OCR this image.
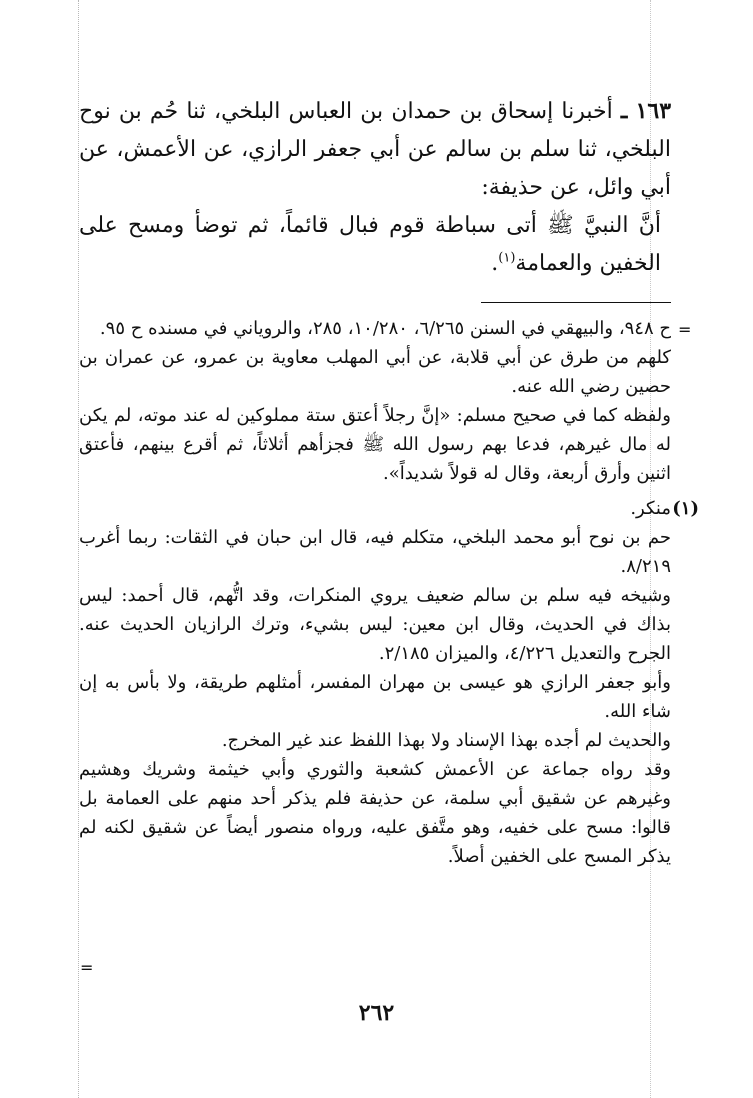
١٦٣ ـ أخبرنا إسحاق بن حمدان بن العباس البلخي، ثنا حُم بن نوح البلخي، ثنا سلم بن سالم عن أبي جعفر الرازي، عن الأعمش، عن أبي وائل، عن حذيفة:

أنَّ النبيَّ ﷺ أتى سباطة قوم فبال قائماً، ثم توضأ ومسح على الخفين والعمامة$^{(١)}$.

=
=

ح ٩٤٨، والبيهقي في السنن ٦/٢٦٥، ١٠/٢٨٠، ٢٨٥، والروياني في مسنده ح ٩٥.

كلهم من طرق عن أبي قلابة، عن أبي المهلب معاوية بن عمرو، عن عمران بن حصين رضي الله عنه.

ولفظه كما في صحيح مسلم: «إنَّ رجلاً أعتق ستة مملوكين له عند موته، لم يكن له مال غيرهم، فدعا بهم رسول الله ﷺ فجزأهم أثلاثاً، ثم أقرع بينهم، فأعتق اثنين وأرق أربعة، وقال له قولاً شديداً».

(١)
منكر.

حم بن نوح أبو محمد البلخي، متكلم فيه، قال ابن حبان في الثقات: ربما أغرب ٨/٢١٩.

وشيخه فيه سلم بن سالم ضعيف يروي المنكرات، وقد اتُّهم، قال أحمد: ليس بذاك في الحديث، وقال ابن معين: ليس بشيء، وترك الرازيان الحديث عنه. الجرح والتعديل ٤/٢٢٦، والميزان ٢/١٨٥.

وأبو جعفر الرازي هو عيسى بن مهران المفسر، أمثلهم طريقة، ولا بأس به إن شاء الله.

والحديث لم أجده بهذا الإسناد ولا بهذا اللفظ عند غير المخرج.

وقد رواه جماعة عن الأعمش كشعبة والثوري وأبي خيثمة وشريك وهشيم وغيرهم عن شقيق أبي سلمة، عن حذيفة فلم يذكر أحد منهم على العمامة بل قالوا: مسح على خفيه، وهو متَّفق عليه، ورواه منصور أيضاً عن شقيق لكنه لم يذكر المسح على الخفين أصلاً.

٢٦٢
